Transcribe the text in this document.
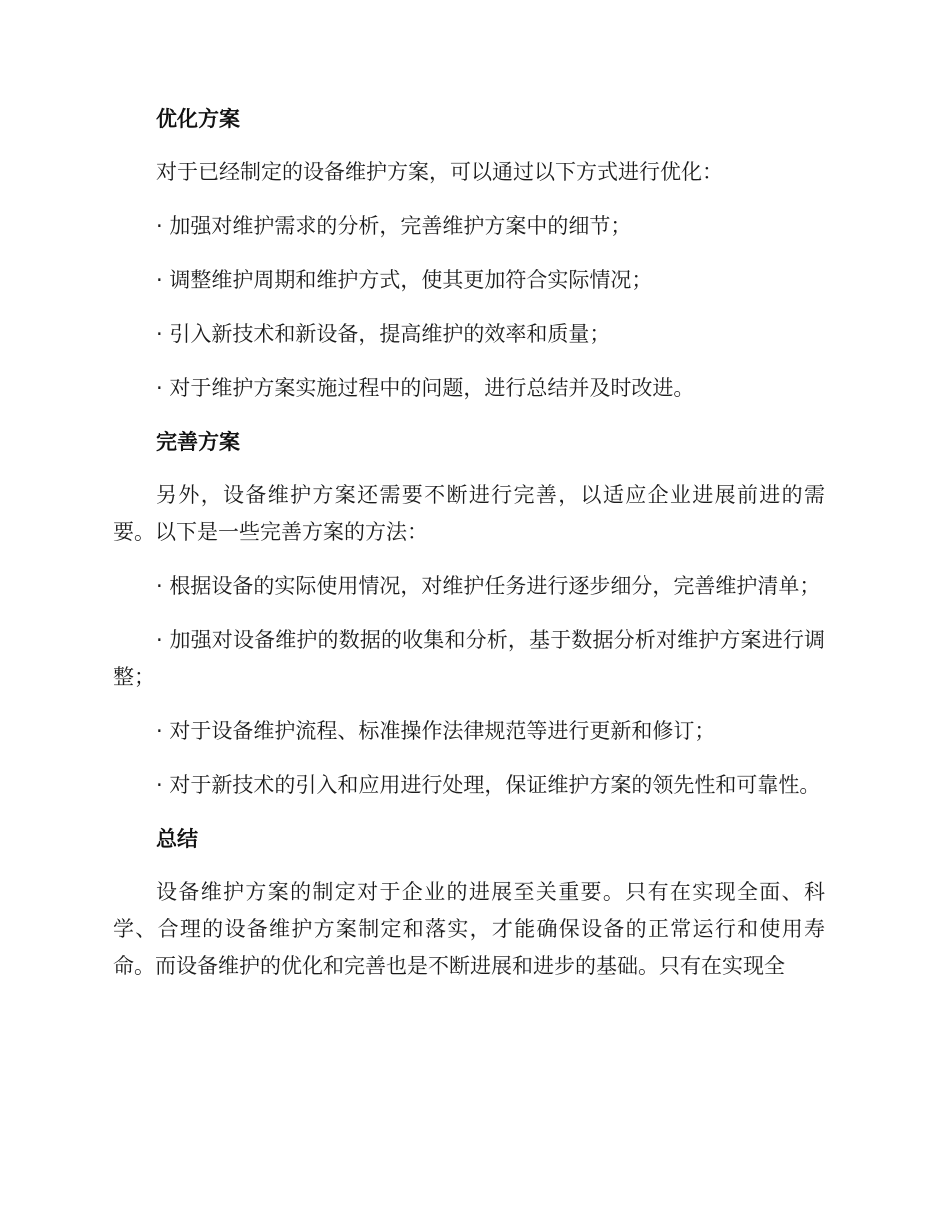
优化方案

对于已经制定的设备维护方案，可以通过以下方式进行优化：

· 加强对维护需求的分析，完善维护方案中的细节；

· 调整维护周期和维护方式，使其更加符合实际情况；

· 引入新技术和新设备，提高维护的效率和质量；

· 对于维护方案实施过程中的问题，进行总结并及时改进。

完善方案

另外，设备维护方案还需要不断进行完善，以适应企业进展前进的需要。以下是一些完善方案的方法：

· 根据设备的实际使用情况，对维护任务进行逐步细分，完善维护清单；

· 加强对设备维护的数据的收集和分析，基于数据分析对维护方案进行调整；

· 对于设备维护流程、标准操作法律规范等进行更新和修订；

· 对于新技术的引入和应用进行处理，保证维护方案的领先性和可靠性。

总结

设备维护方案的制定对于企业的进展至关重要。只有在实现全面、科学、合理的设备维护方案制定和落实，才能确保设备的正常运行和使用寿命。而设备维护的优化和完善也是不断进展和进步的基础。只有在实现全
